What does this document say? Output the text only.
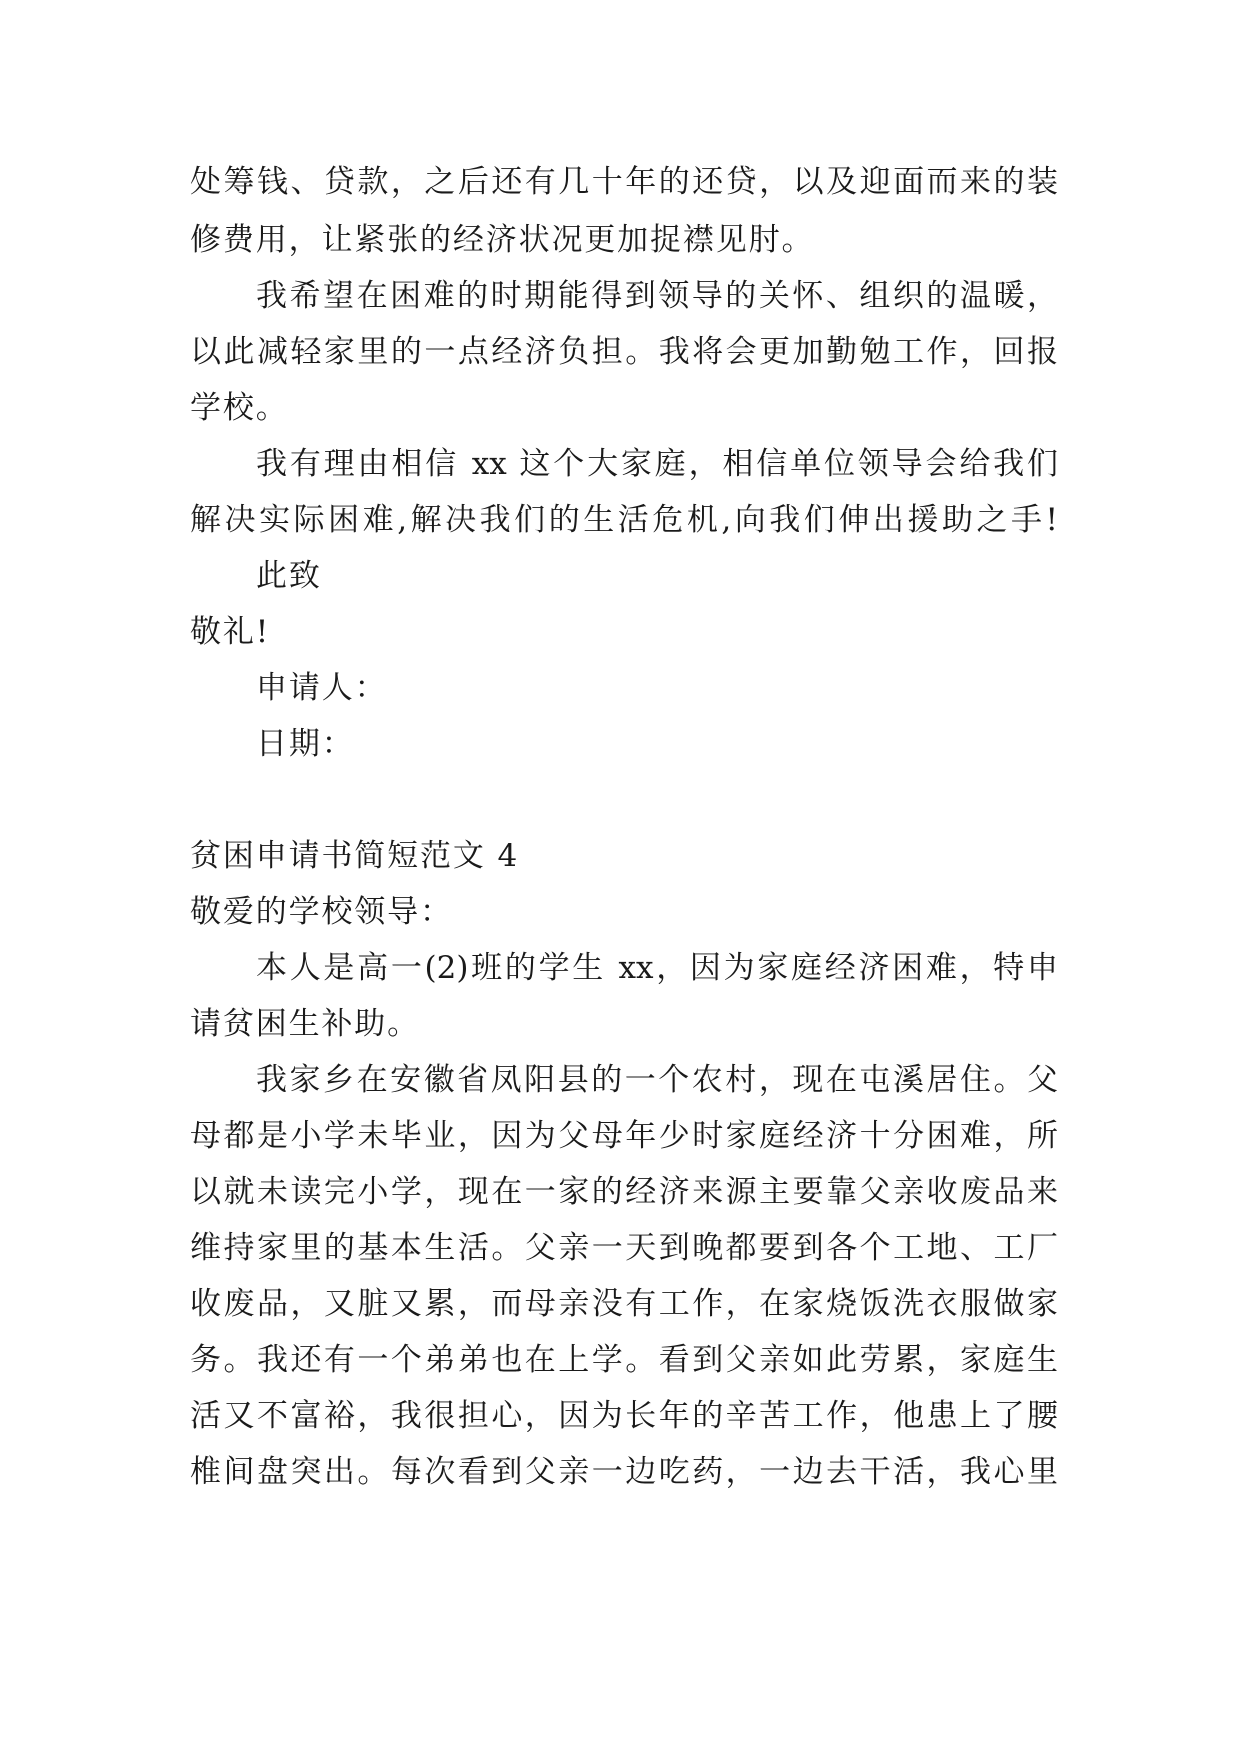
处筹钱、贷款，之后还有几十年的还贷，以及迎面而来的装
修费用，让紧张的经济状况更加捉襟见肘。
我希望在困难的时期能得到领导的关怀、组织的温暖，
以此减轻家里的一点经济负担。我将会更加勤勉工作，回报
学校。
我有理由相信 xx 这个大家庭，相信单位领导会给我们
解决实际困难,解决我们的生活危机,向我们伸出援助之手!
此致
敬礼!
申请人：
日期：
贫困申请书简短范文 4
敬爱的学校领导：
本人是高一(2)班的学生 xx，因为家庭经济困难，特申
请贫困生补助。
我家乡在安徽省凤阳县的一个农村，现在屯溪居住。父
母都是小学未毕业，因为父母年少时家庭经济十分困难，所
以就未读完小学，现在一家的经济来源主要靠父亲收废品来
维持家里的基本生活。父亲一天到晚都要到各个工地、工厂
收废品，又脏又累，而母亲没有工作，在家烧饭洗衣服做家
务。我还有一个弟弟也在上学。看到父亲如此劳累，家庭生
活又不富裕，我很担心，因为长年的辛苦工作，他患上了腰
椎间盘突出。每次看到父亲一边吃药，一边去干活，我心里
